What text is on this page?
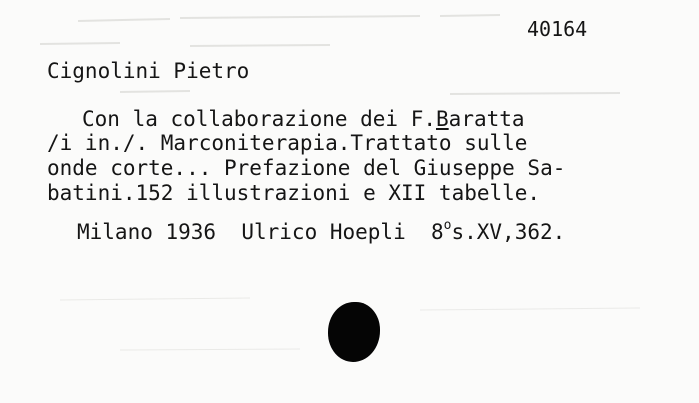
40164
Cignolini Pietro
Con la collaborazione dei F.Baratta
/i in./. Marconiterapia.Trattato sulle
onde corte... Prefazione del Giuseppe Sa-
batini.152 illustrazioni e XII tabelle.
Milano 1936  Ulrico Hoepli  8$^o$s.XV,362.
